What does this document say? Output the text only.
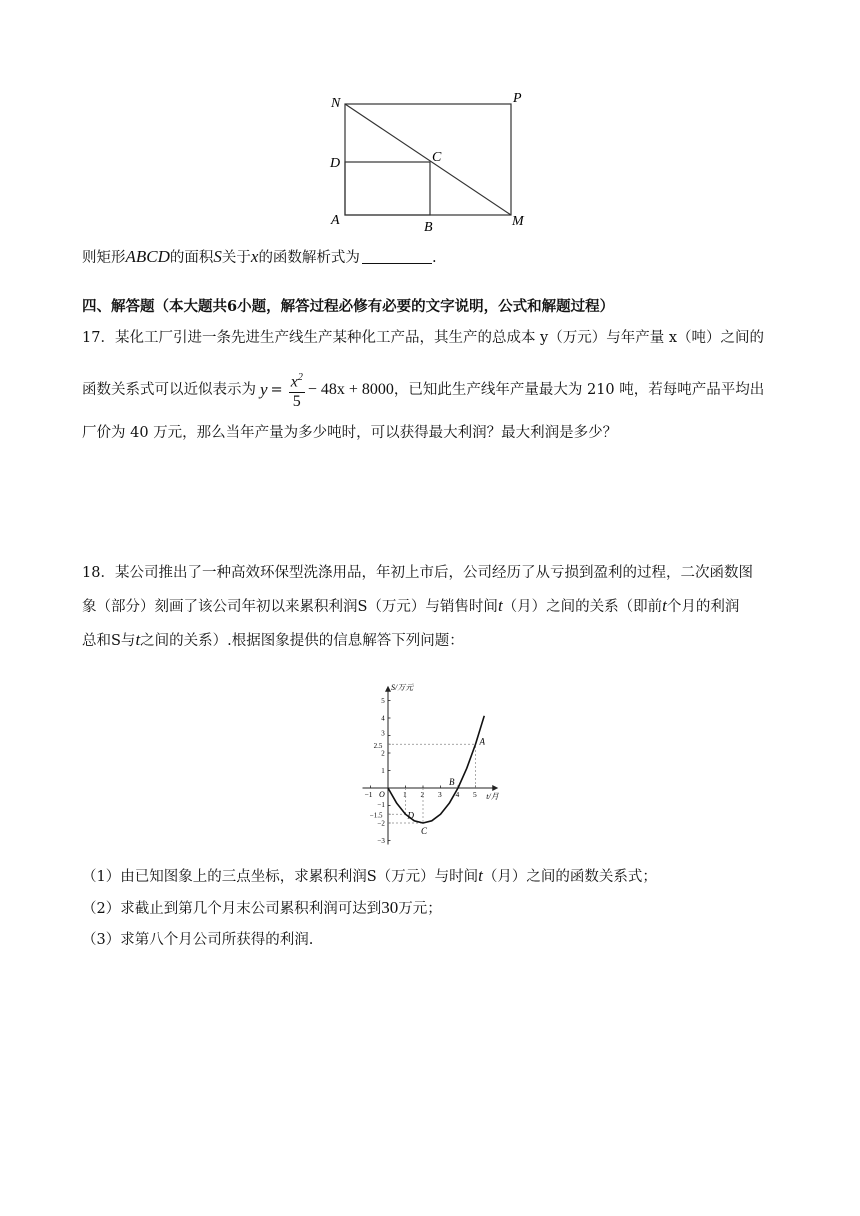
N	P
D	C
A	B	M
则矩形ABCD的面积S关于x的函数解析式为	.
四、解答题（本大题共6小题，解答过程必修有必要的文字说明，公式和解题过程）
17．某化工厂引进一条先进生产线生产某种化工产品，其生产的总成本 y（万元）与年产量 x（吨）之间的
函数关系式可以近似表示为 $y = \frac{x^2}{5} - 48x + 8000$ ，已知此生产线年产量最大为 210 吨，若每吨产品平均出
厂价为 40 万元，那么当年产量为多少吨时，可以获得最大利润？最大利润是多少？
18．某公司推出了一种高效环保型洗涤用品，年初上市后，公司经历了从亏损到盈利的过程，二次函数图
象（部分）刻画了该公司年初以来累积利润S（万元）与销售时间t（月）之间的关系（即前t个月的利润
总和S与t之间的关系）.根据图象提供的信息解答下列问题：
S/万元
t/月
O
−1	1 2 3 4 5
5
4
3
2.5
2
1
−1
−1.5
−2
−3
D
C
B
A
（1）由已知图象上的三点坐标，求累积利润S（万元）与时间t（月）之间的函数关系式；
（2）求截止到第几个月末公司累积利润可达到30万元；
（3）求第八个月公司所获得的利润.
